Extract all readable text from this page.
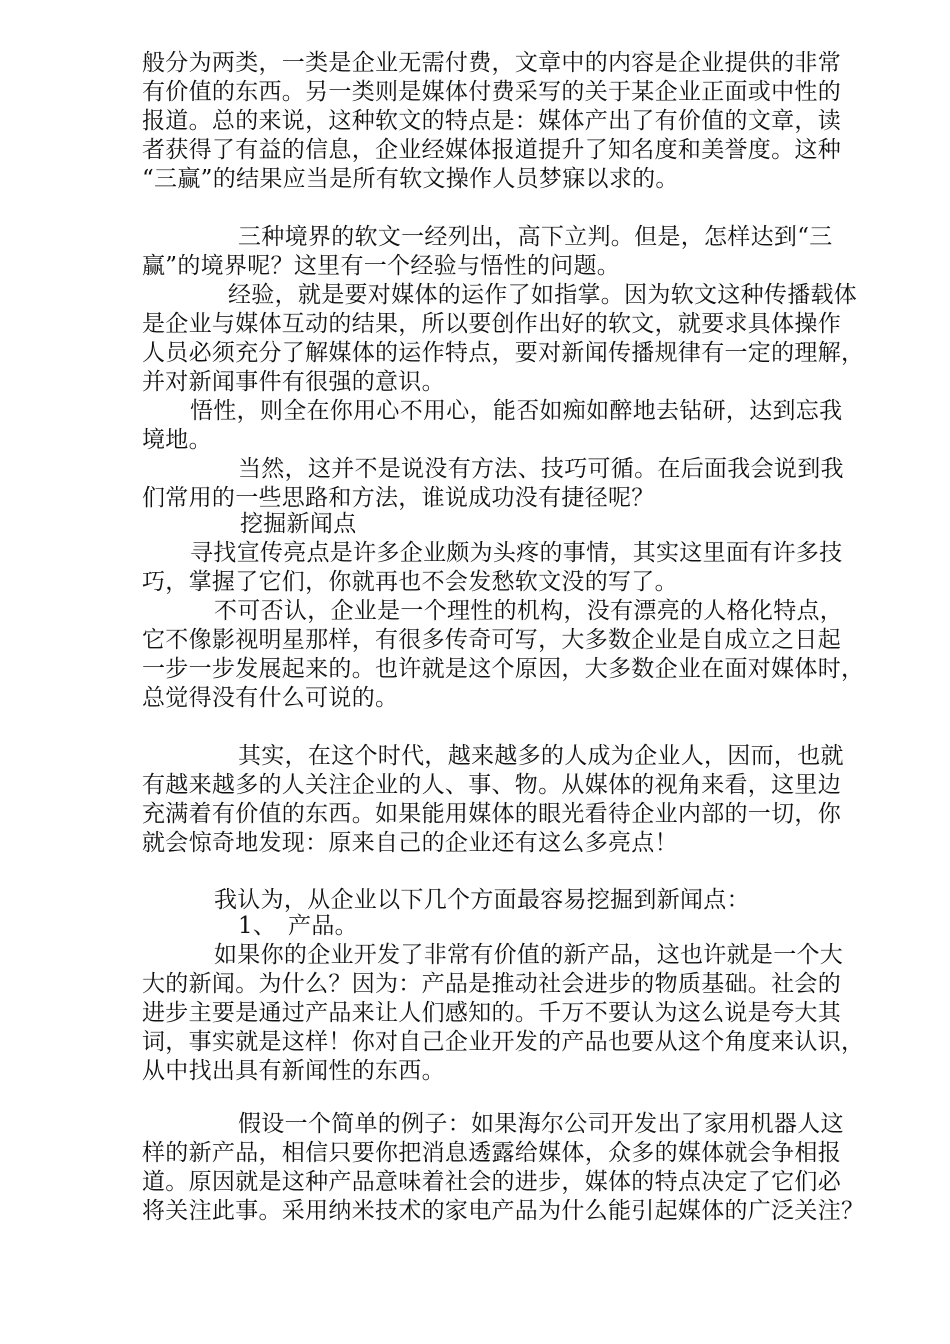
般分为两类，一类是企业无需付费，文章中的内容是企业提供的非常
有价值的东西。另一类则是媒体付费采写的关于某企业正面或中性的
报道。总的来说，这种软文的特点是：媒体产出了有价值的文章，读
者获得了有益的信息，企业经媒体报道提升了知名度和美誉度。这种
“三赢”的结果应当是所有软文操作人员梦寐以求的。
三种境界的软文一经列出，高下立判。但是，怎样达到“三
赢”的境界呢？这里有一个经验与悟性的问题。
经验，就是要对媒体的运作了如指掌。因为软文这种传播载体
是企业与媒体互动的结果，所以要创作出好的软文，就要求具体操作
人员必须充分了解媒体的运作特点，要对新闻传播规律有一定的理解，
并对新闻事件有很强的意识。
悟性，则全在你用心不用心，能否如痴如醉地去钻研，达到忘我
境地。
当然，这并不是说没有方法、技巧可循。在后面我会说到我
们常用的一些思路和方法，谁说成功没有捷径呢？
挖掘新闻点
寻找宣传亮点是许多企业颇为头疼的事情，其实这里面有许多技
巧，掌握了它们，你就再也不会发愁软文没的写了。
不可否认，企业是一个理性的机构，没有漂亮的人格化特点，
它不像影视明星那样，有很多传奇可写，大多数企业是自成立之日起
一步一步发展起来的。也许就是这个原因，大多数企业在面对媒体时，
总觉得没有什么可说的。
其实，在这个时代，越来越多的人成为企业人，因而，也就
有越来越多的人关注企业的人、事、物。从媒体的视角来看，这里边
充满着有价值的东西。如果能用媒体的眼光看待企业内部的一切，你
就会惊奇地发现：原来自己的企业还有这么多亮点！
我认为，从企业以下几个方面最容易挖掘到新闻点：
1、　产品。
如果你的企业开发了非常有价值的新产品，这也许就是一个大
大的新闻。为什么？因为：产品是推动社会进步的物质基础。社会的
进步主要是通过产品来让人们感知的。千万不要认为这么说是夸大其
词，事实就是这样！你对自己企业开发的产品也要从这个角度来认识，
从中找出具有新闻性的东西。
假设一个简单的例子：如果海尔公司开发出了家用机器人这
样的新产品，相信只要你把消息透露给媒体，众多的媒体就会争相报
道。原因就是这种产品意味着社会的进步，媒体的特点决定了它们必
将关注此事。采用纳米技术的家电产品为什么能引起媒体的广泛关注？
